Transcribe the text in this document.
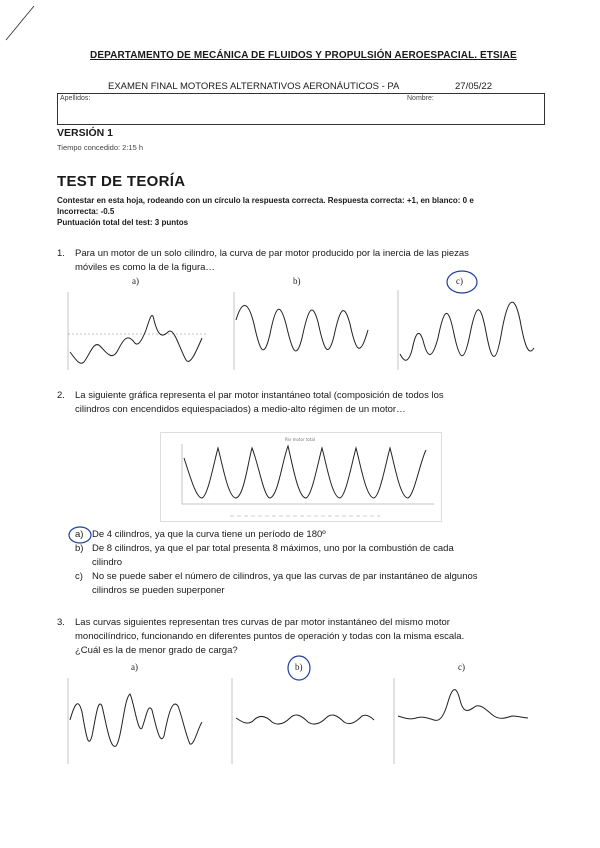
DEPARTAMENTO DE MECÁNICA DE FLUIDOS Y PROPULSIÓN AEROESPACIAL. ETSIAE
EXAMEN FINAL MOTORES ALTERNATIVOS AERONÁUTICOS - PA	27/05/22
Apellidos:	Nombre:
VERSIÓN 1
Tiempo concedido: 2:15 h
TEST DE TEORÍA
Contestar en esta hoja, rodeando con un círculo la respuesta correcta. Respuesta correcta: +1, en blanco: 0 e
Incorrecta: -0.5
Puntuación total del test: 3 puntos
1. Para un motor de un solo cilindro, la curva de par motor producido por la inercia de las piezas
móviles es como la de la figura…
a)	b)	c)
2. La siguiente gráfica representa el par motor instantáneo total (composición de todos los
cilindros con encendidos equiespaciados) a medio-alto régimen de un motor…
Par motor total
a) De 4 cilindros, ya que la curva tiene un período de 180º
b) De 8 cilindros, ya que el par total presenta 8 máximos, uno por la combustión de cada
cilindro
c) No se puede saber el número de cilindros, ya que las curvas de par instantáneo de algunos
cilindros se pueden superponer
3. Las curvas siguientes representan tres curvas de par motor instantáneo del mismo motor
monocilíndrico, funcionando en diferentes puntos de operación y todas con la misma escala.
¿Cuál es la de menor grado de carga?
a)	b)	c)
